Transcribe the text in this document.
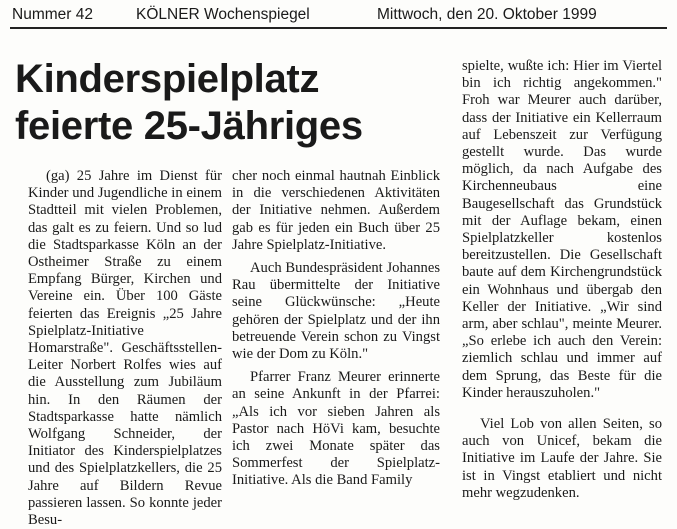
Nummer 42	KÖLNER Wochenspiegel	Mittwoch, den 20. Oktober 1999
Kinderspielplatz
feierte 25-Jähriges

(ga) 25 Jahre im Dienst für Kinder und Jugendliche in einem Stadtteil mit vielen Problemen, das galt es zu feiern. Und so lud die Stadtsparkasse Köln an der Ostheimer Straße zu einem Empfang Bürger, Kirchen und Vereine ein. Über 100 Gäste feierten das Ereignis „25 Jahre Spielplatz-Initiative Homarstraße". Geschäftsstellen-Leiter Norbert Rolfes wies auf die Ausstellung zum Jubiläum hin. In den Räumen der Stadtsparkasse hatte nämlich Wolfgang Schneider, der Initiator des Kinderspielplatzes und des Spielplatzkellers, die 25 Jahre auf Bildern Revue passieren lassen. So konnte jeder Besu-

cher noch einmal hautnah Einblick in die verschiedenen Aktivitäten der Initiative nehmen. Außerdem gab es für jeden ein Buch über 25 Jahre Spielplatz-Initiative.

Auch Bundespräsident Johannes Rau übermittelte der Initiative seine Glückwünsche: „Heute gehören der Spielplatz und der ihn betreuende Verein schon zu Vingst wie der Dom zu Köln."

Pfarrer Franz Meurer erinnerte an seine Ankunft in der Pfarrei: „Als ich vor sieben Jahren als Pastor nach HöVi kam, besuchte ich zwei Monate später das Sommerfest der Spielplatz-Initiative. Als die Band Family

spielte, wußte ich: Hier im Viertel bin ich richtig angekommen." Froh war Meurer auch darüber, dass der Initiative ein Kellerraum auf Lebenszeit zur Verfügung gestellt wurde. Das wurde möglich, da nach Aufgabe des Kirchenneubaus eine Baugesellschaft das Grundstück mit der Auflage bekam, einen Spielplatzkeller kostenlos bereitzustellen. Die Gesellschaft baute auf dem Kirchengrundstück ein Wohnhaus und übergab den Keller der Initiative. „Wir sind arm, aber schlau", meinte Meurer. „So erlebe ich auch den Verein: ziemlich schlau und immer auf dem Sprung, das Beste für die Kinder herauszuholen."

Viel Lob von allen Seiten, so auch von Unicef, bekam die Initiative im Laufe der Jahre. Sie ist in Vingst etabliert und nicht mehr wegzudenken.
